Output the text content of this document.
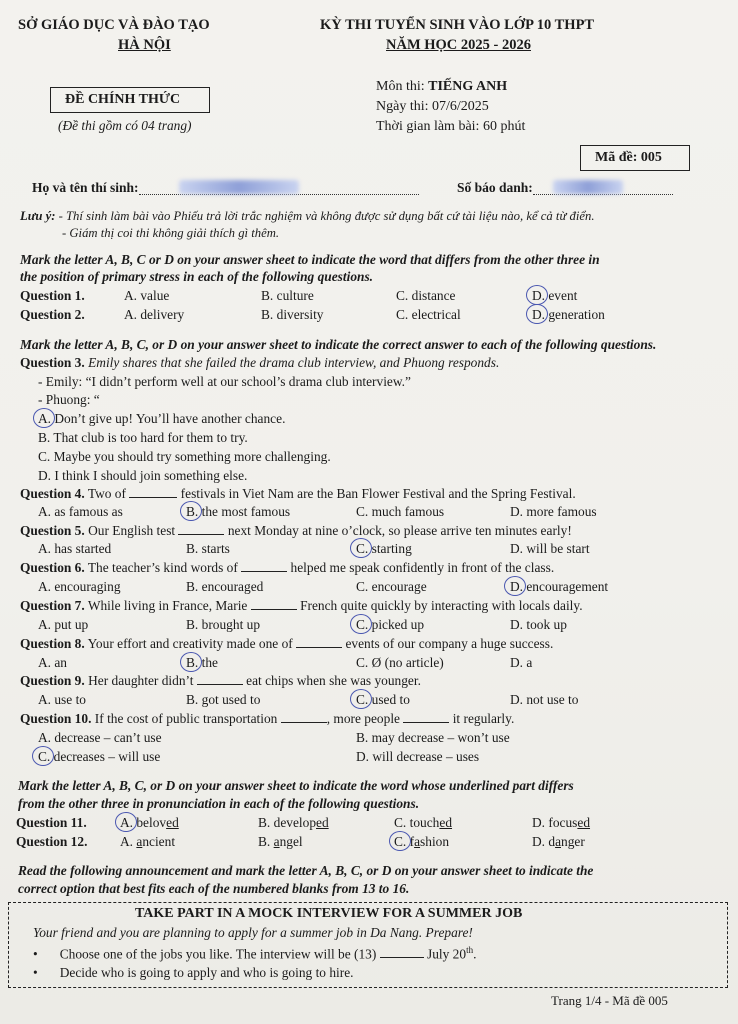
SỞ GIÁO DỤC VÀ ĐÀO TẠO
HÀ NỘI
KỲ THI TUYỂN SINH VÀO LỚP 10 THPT
NĂM HỌC 2025 - 2026
ĐỀ CHÍNH THỨC
(Đề thi gồm có 04 trang)
Môn thi: TIẾNG ANH
Ngày thi: 07/6/2025
Thời gian làm bài: 60 phút
Mã đề: 005
Họ và tên thí sinh:	Số báo danh:
Lưu ý: - Thí sinh làm bài vào Phiếu trả lời trắc nghiệm và không được sử dụng bất cứ tài liệu nào, kể cả từ điển.
- Giám thị coi thi không giải thích gì thêm.
Mark the letter A, B, C or D on your answer sheet to indicate the word that differs from the other three in
the position of primary stress in each of the following questions.
Question 1.	A. value	B. culture	C. distance	D. event
Question 2.	A. delivery	B. diversity	C. electrical	D. generation
Mark the letter A, B, C, or D on your answer sheet to indicate the correct answer to each of the following questions.
Question 3. Emily shares that she failed the drama club interview, and Phuong responds.
- Emily: “I didn’t perform well at our school’s drama club interview.”
- Phuong: “
A. Don’t give up! You’ll have another chance.
B. That club is too hard for them to try.
C. Maybe you should try something more challenging.
D. I think I should join something else.
Question 4. Two of	festivals in Viet Nam are the Ban Flower Festival and the Spring Festival.
A. as famous as	B. the most famous	C. much famous	D. more famous
Question 5. Our English test	next Monday at nine o’clock, so please arrive ten minutes early!
A. has started	B. starts	C. starting	D. will be start
Question 6. The teacher’s kind words of	helped me speak confidently in front of the class.
A. encouraging	B. encouraged	C. encourage	D. encouragement
Question 7. While living in France, Marie	French quite quickly by interacting with locals daily.
A. put up	B. brought up	C. picked up	D. took up
Question 8. Your effort and creativity made one of	events of our company a huge success.
A. an	B. the	C. Ø (no article)	D. a
Question 9. Her daughter didn’t	eat chips when she was younger.
A. use to	B. got used to	C. used to	D. not use to
Question 10. If the cost of public transportation	, more people	it regularly.
A. decrease – can’t use	B. may decrease – won’t use
C. decreases – will use	D. will decrease – uses
Mark the letter A, B, C, or D on your answer sheet to indicate the word whose underlined part differs
from the other three in pronunciation in each of the following questions.
Question 11. A. beloved	B. developed	C. touched	D. focused
Question 12. A. ancient	B. angel	C. fashion	D. danger
Read the following announcement and mark the letter A, B, C, or D on your answer sheet to indicate the
correct option that best fits each of the numbered blanks from 13 to 16.
TAKE PART IN A MOCK INTERVIEW FOR A SUMMER JOB
Your friend and you are planning to apply for a summer job in Da Nang. Prepare!
• Choose one of the jobs you like. The interview will be (13)	July 20th.
• Decide who is going to apply and who is going to hire.
Trang 1/4 - Mã đề 005
